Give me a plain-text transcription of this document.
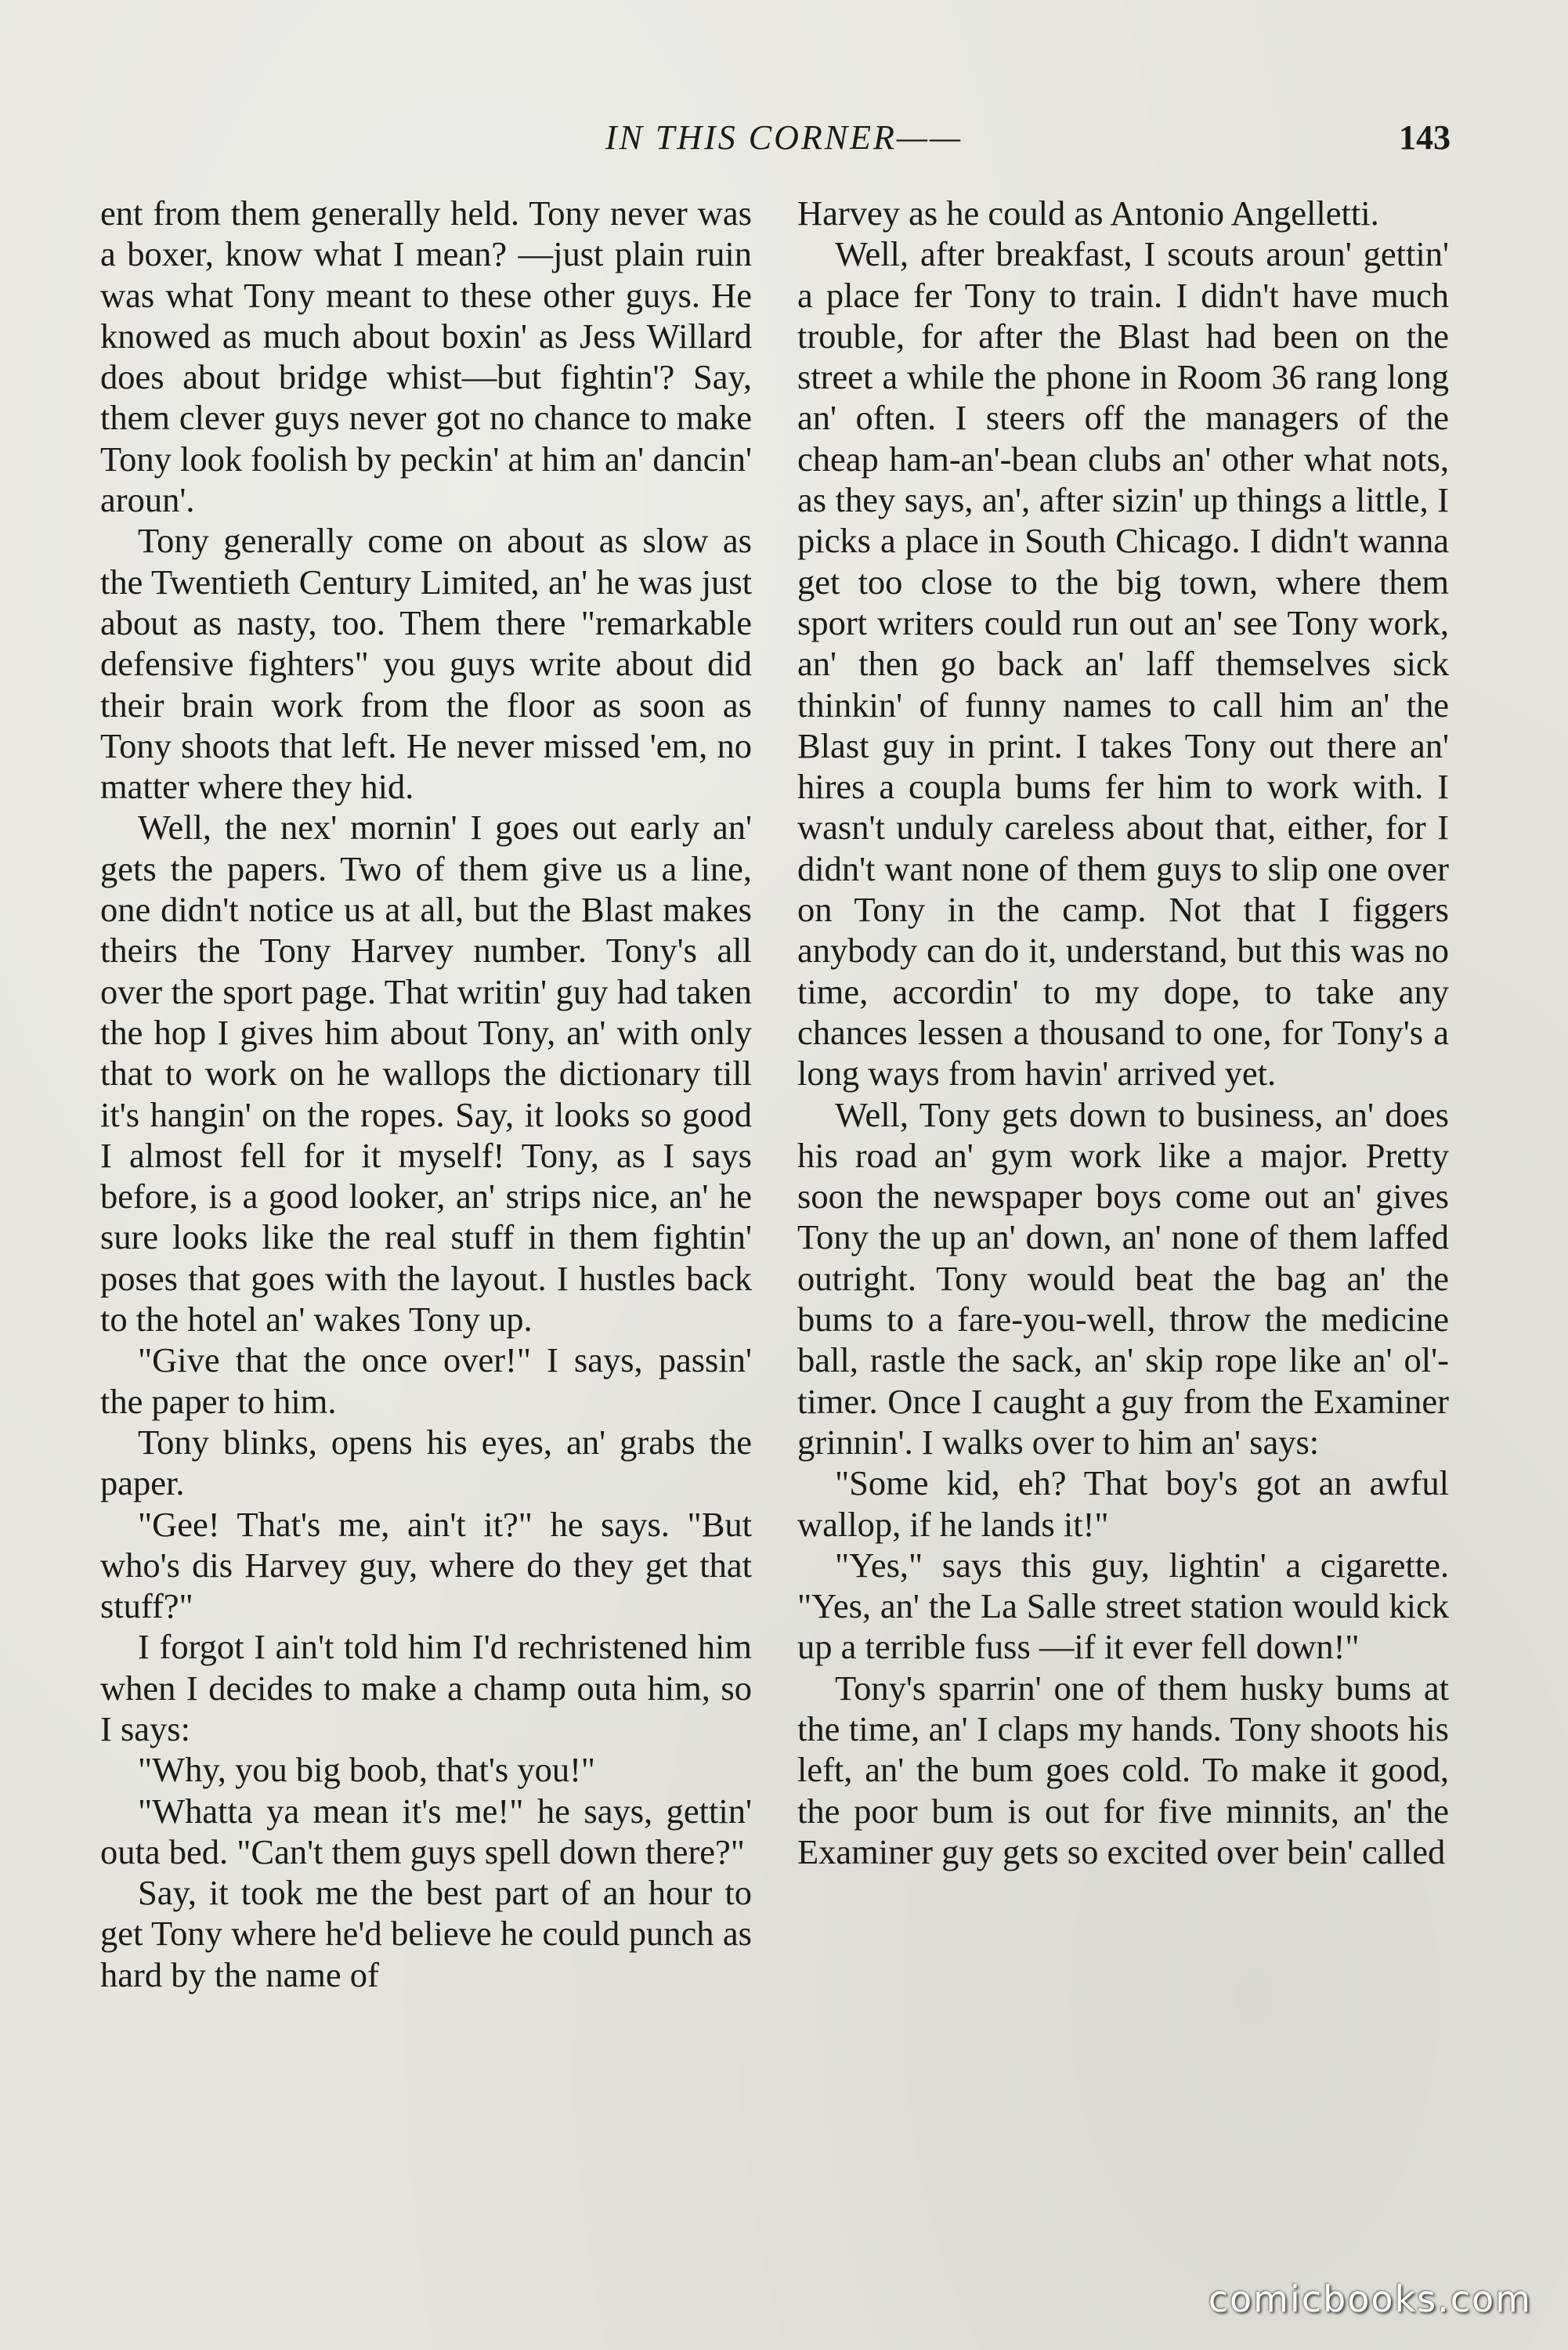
IN THIS CORNER——	143

ent from them generally held. Tony never was a boxer, know what I mean? —just plain ruin was what Tony meant to these other guys. He knowed as much about boxin' as Jess Willard does about bridge whist—but fightin'? Say, them clever guys never got no chance to make Tony look foolish by peckin' at him an' dancin' aroun'.

Tony generally come on about as slow as the Twentieth Century Limited, an' he was just about as nasty, too. Them there "remarkable defensive fighters" you guys write about did their brain work from the floor as soon as Tony shoots that left. He never missed 'em, no matter where they hid.

Well, the nex' mornin' I goes out early an' gets the papers. Two of them give us a line, one didn't notice us at all, but the Blast makes theirs the Tony Harvey number. Tony's all over the sport page. That writin' guy had taken the hop I gives him about Tony, an' with only that to work on he wallops the dictionary till it's hangin' on the ropes. Say, it looks so good I almost fell for it myself! Tony, as I says before, is a good looker, an' strips nice, an' he sure looks like the real stuff in them fightin' poses that goes with the layout. I hustles back to the hotel an' wakes Tony up.

"Give that the once over!" I says, passin' the paper to him.

Tony blinks, opens his eyes, an' grabs the paper.

"Gee! That's me, ain't it?" he says. "But who's dis Harvey guy, where do they get that stuff?"

I forgot I ain't told him I'd rechristened him when I decides to make a champ outa him, so I says:

"Why, you big boob, that's you!"

"Whatta ya mean it's me!" he says, gettin' outa bed. "Can't them guys spell down there?"

Say, it took me the best part of an hour to get Tony where he'd believe he could punch as hard by the name of

Harvey as he could as Antonio Angelletti.

Well, after breakfast, I scouts aroun' gettin' a place fer Tony to train. I didn't have much trouble, for after the Blast had been on the street a while the phone in Room 36 rang long an' often. I steers off the managers of the cheap ham-an'-bean clubs an' other what nots, as they says, an', after sizin' up things a little, I picks a place in South Chicago. I didn't wanna get too close to the big town, where them sport writers could run out an' see Tony work, an' then go back an' laff themselves sick thinkin' of funny names to call him an' the Blast guy in print. I takes Tony out there an' hires a coupla bums fer him to work with. I wasn't unduly careless about that, either, for I didn't want none of them guys to slip one over on Tony in the camp. Not that I figgers anybody can do it, understand, but this was no time, accordin' to my dope, to take any chances lessen a thousand to one, for Tony's a long ways from havin' arrived yet.

Well, Tony gets down to business, an' does his road an' gym work like a major. Pretty soon the newspaper boys come out an' gives Tony the up an' down, an' none of them laffed outright. Tony would beat the bag an' the bums to a fare-you-well, throw the medicine ball, rastle the sack, an' skip rope like an' ol'-timer. Once I caught a guy from the Examiner grinnin'. I walks over to him an' says:

"Some kid, eh? That boy's got an awful wallop, if he lands it!"

"Yes," says this guy, lightin' a cigarette. "Yes, an' the La Salle street station would kick up a terrible fuss —if it ever fell down!"

Tony's sparrin' one of them husky bums at the time, an' I claps my hands. Tony shoots his left, an' the bum goes cold. To make it good, the poor bum is out for five minnits, an' the Examiner guy gets so excited over bein' called

comicbooks.com
